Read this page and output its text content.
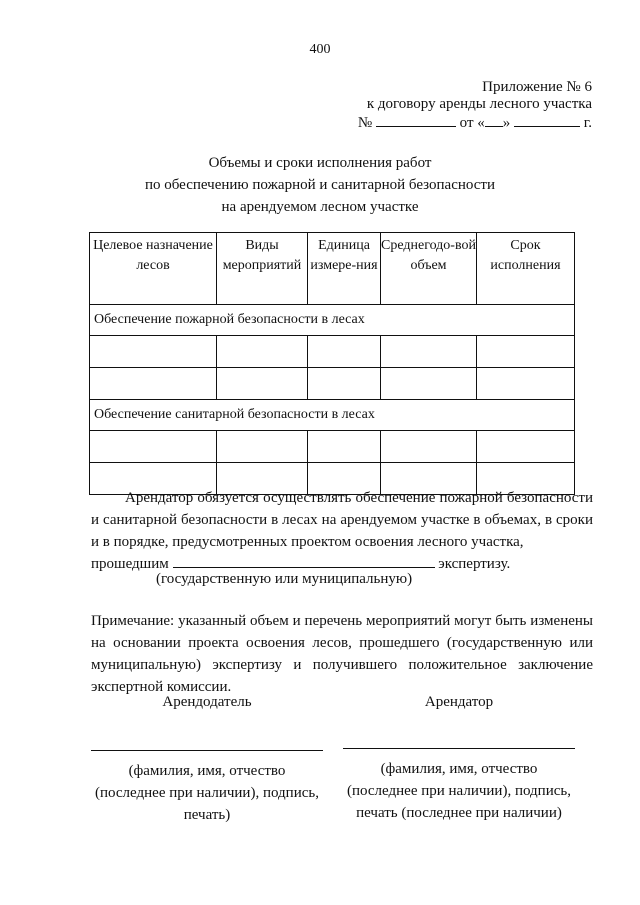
400
Приложение № 6
к договору аренды лесного участка
№	от « »	г.
Объемы и сроки исполнения работ
по обеспечению пожарной и санитарной безопасности
на арендуемом лесном участке
Целевое назначение лесов	Виды мероприятий	Единица измере-ния	Среднегодо-вой объем	Срок исполнения
Обеспечение пожарной безопасности в лесах				

Обеспечение санитарной безопасности в лесах				

Арендатор обязуется осуществлять обеспечение пожарной безопасности и санитарной безопасности в лесах на арендуемом участке в объемах, в сроки и в порядке, предусмотренных проектом освоения лесного участка,
прошедшим	экспертизу.
(государственную или муниципальную)
Примечание: указанный объем и перечень мероприятий могут быть изменены на основании проекта освоения лесов, прошедшего (государственную или муниципальную) экспертизу и получившего положительное заключение экспертной комиссии.
Арендодатель	Арендатор
(фамилия, имя, отчество
(последнее при наличии), подпись,
печать)
(фамилия, имя, отчество
(последнее при наличии), подпись,
печать (последнее при наличии)
